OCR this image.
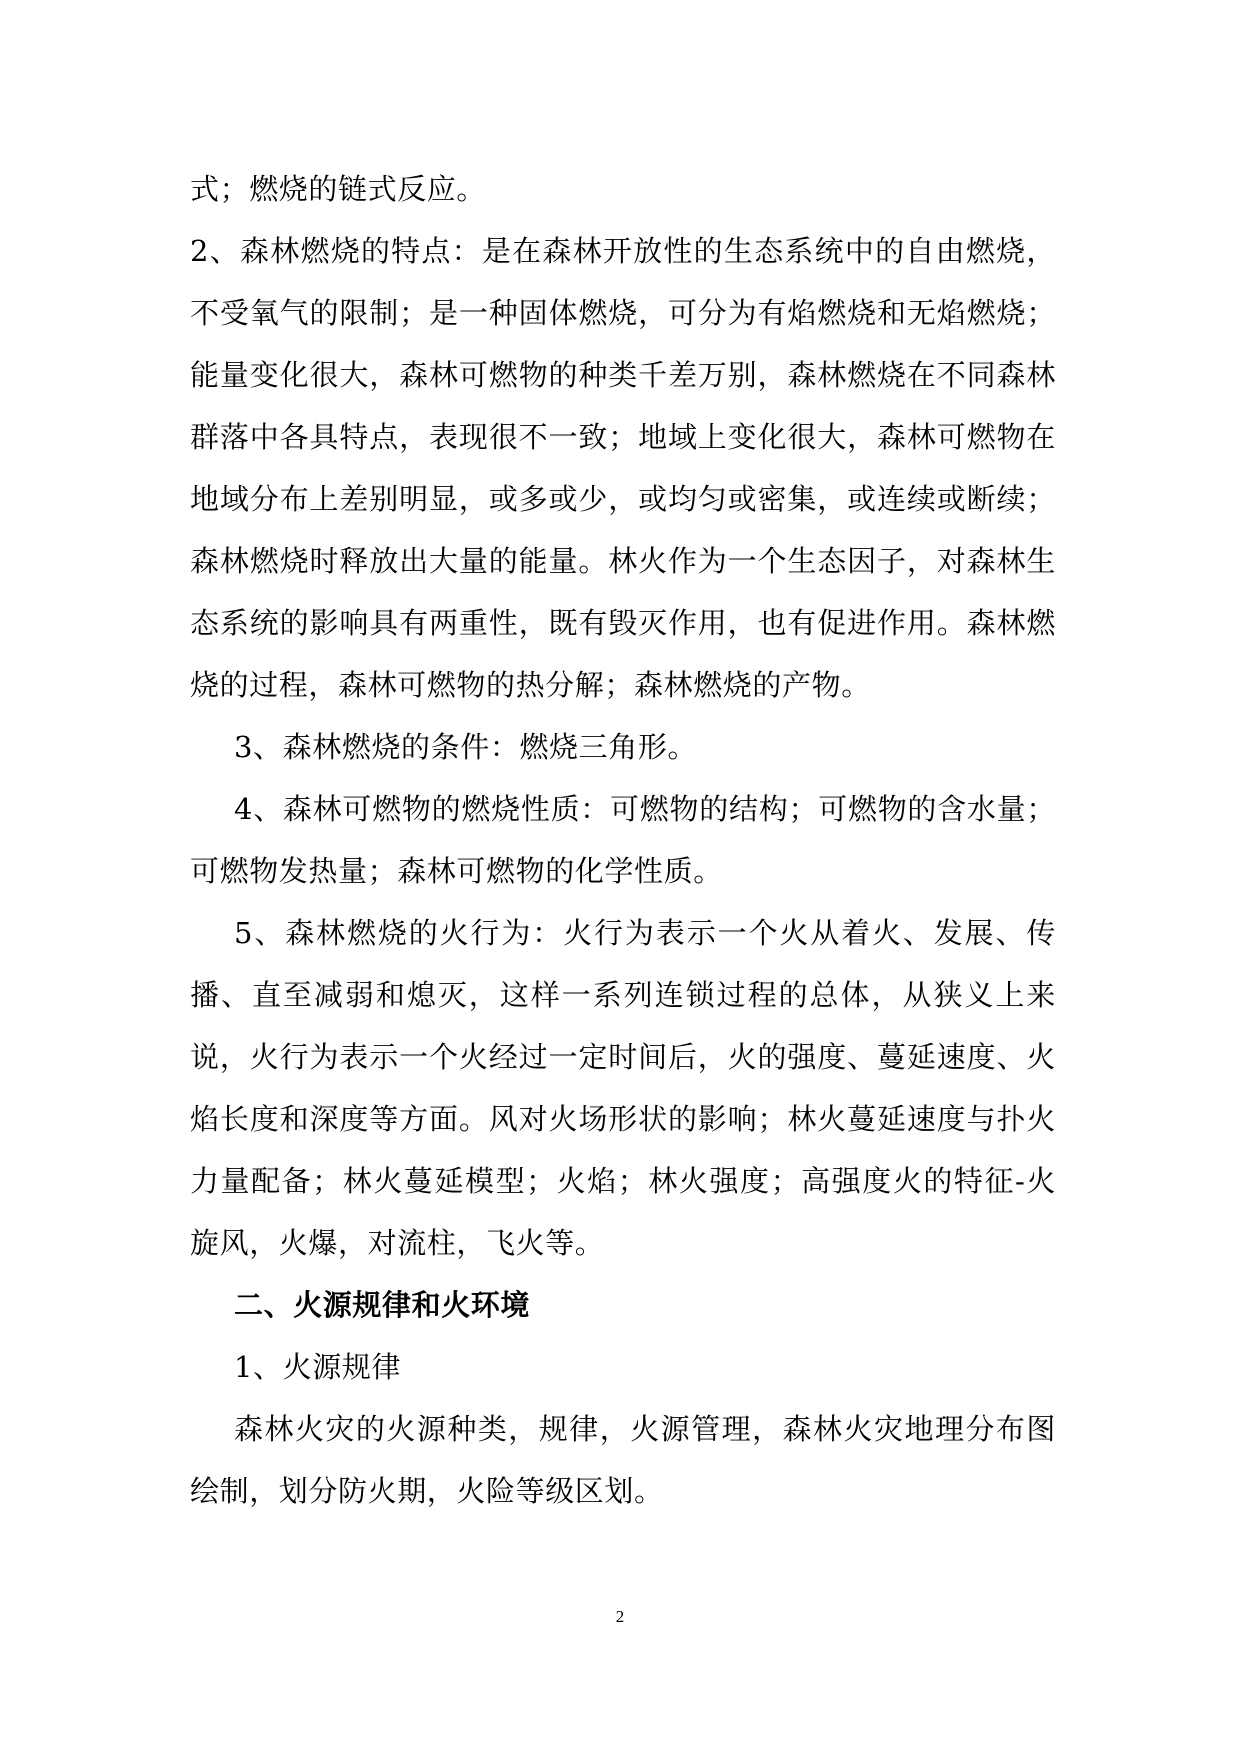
式；燃烧的链式反应。

2、森林燃烧的特点：是在森林开放性的生态系统中的自由燃烧，不受氧气的限制；是一种固体燃烧，可分为有焰燃烧和无焰燃烧；能量变化很大，森林可燃物的种类千差万别，森林燃烧在不同森林群落中各具特点，表现很不一致；地域上变化很大，森林可燃物在地域分布上差别明显，或多或少，或均匀或密集，或连续或断续；森林燃烧时释放出大量的能量。林火作为一个生态因子，对森林生态系统的影响具有两重性，既有毁灭作用，也有促进作用。森林燃烧的过程，森林可燃物的热分解；森林燃烧的产物。

3、森林燃烧的条件：燃烧三角形。

4、森林可燃物的燃烧性质：可燃物的结构；可燃物的含水量；可燃物发热量；森林可燃物的化学性质。

5、森林燃烧的火行为：火行为表示一个火从着火、发展、传播、直至减弱和熄灭，这样一系列连锁过程的总体，从狭义上来说，火行为表示一个火经过一定时间后，火的强度、蔓延速度、火焰长度和深度等方面。风对火场形状的影响；林火蔓延速度与扑火力量配备；林火蔓延模型；火焰；林火强度；高强度火的特征-火旋风，火爆，对流柱，飞火等。

二、火源规律和火环境

1、火源规律

森林火灾的火源种类，规律，火源管理，森林火灾地理分布图绘制，划分防火期，火险等级区划。

2
